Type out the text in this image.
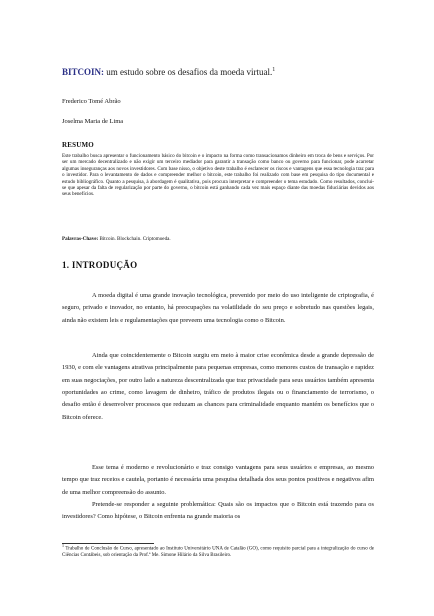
BITCOIN: um estudo sobre os desafios da moeda virtual.$^1$
Frederico Tomé Abrão
Joselma Maria de Lima
RESUMO
Este trabalho busca apresentar o funcionamento básico do bitcoin e o impacto na forma como transacionamos dinheiro em troca de bens e serviços. Por ser um mercado decentralizado e não exigir um terceiro mediador para garantir a transação como banco ou governo para funcionar, pode acarretar algumas inseguranças aos novos investidores. Com base nisso, o objetivo deste trabalho é esclarecer os riscos e vantagens que essa tecnologia traz para o investidor. Para o levantamento de dados e compreender melhor o bitcoin, este trabalho foi realizado com base em pesquisa do tipo documental e estudo bibliográfico. Quanto a pesquisa, à abordagem é qualitativa, pois procura interpretar e compreender o tema estudado. Como resultados, conclui-se que apesar da falta de regularização por parte do governo, o bitcoin está ganhando cada vez mais espaço diante das moedas fiduciárias devidos aos seus benefícios.
Palavras-Chave: Bitcoin. Blockchain. Criptomoeda.
1. INTRODUÇÃO

A moeda digital é uma grande inovação tecnológica, prevenido por meio do uso inteligente de criptografia, é seguro, privado e inovador, no entanto, há preocupações na volatilidade do seu preço e sobretudo nas questões legais, ainda não existem leis e regulamentações que preveem uma tecnologia como o Bitcoin.

Ainda que coincidentemente o Bitcoin surgiu em meio à maior crise econômica desde a grande depressão de 1930, e com ele vantagens atrativas principalmente para pequenas empresas, como menores custos de transação e rapidez em suas negociações, por outro lado a natureza descentralizada que traz privacidade para seus usuários também apresenta oportunidades ao crime, como lavagem de dinheiro, tráfico de produtos ilegais ou o financiamento de terrorismo, o desafio então é desenvolver processos que reduzam as chances para criminalidade enquanto mantém os benefícios que o Bitcoin oferece.

Esse tema é moderno e revolucionário e traz consigo vantagens para seus usuários e empresas, ao mesmo tempo que traz receios e cautela, portanto é necessária uma pesquisa detalhada dos seus pontos positivos e negativos afim de uma melhor compreensão do assunto.

Pretende-se responder a seguinte problemática: Quais são os impactos que o Bitcoin está trazendo para os investidores? Como hipótese, o Bitcoin enfrenta na grande maioria os

$^1$ Trabalho de Conclusão de Curso, apresentado ao Instituto Universitário UNA de Catalão (GO), como requisito parcial para a integralização do curso de Ciências Contábeis, sob orientação da Prof.ª Me. Simone Hilário da Silva Brasileiro.
